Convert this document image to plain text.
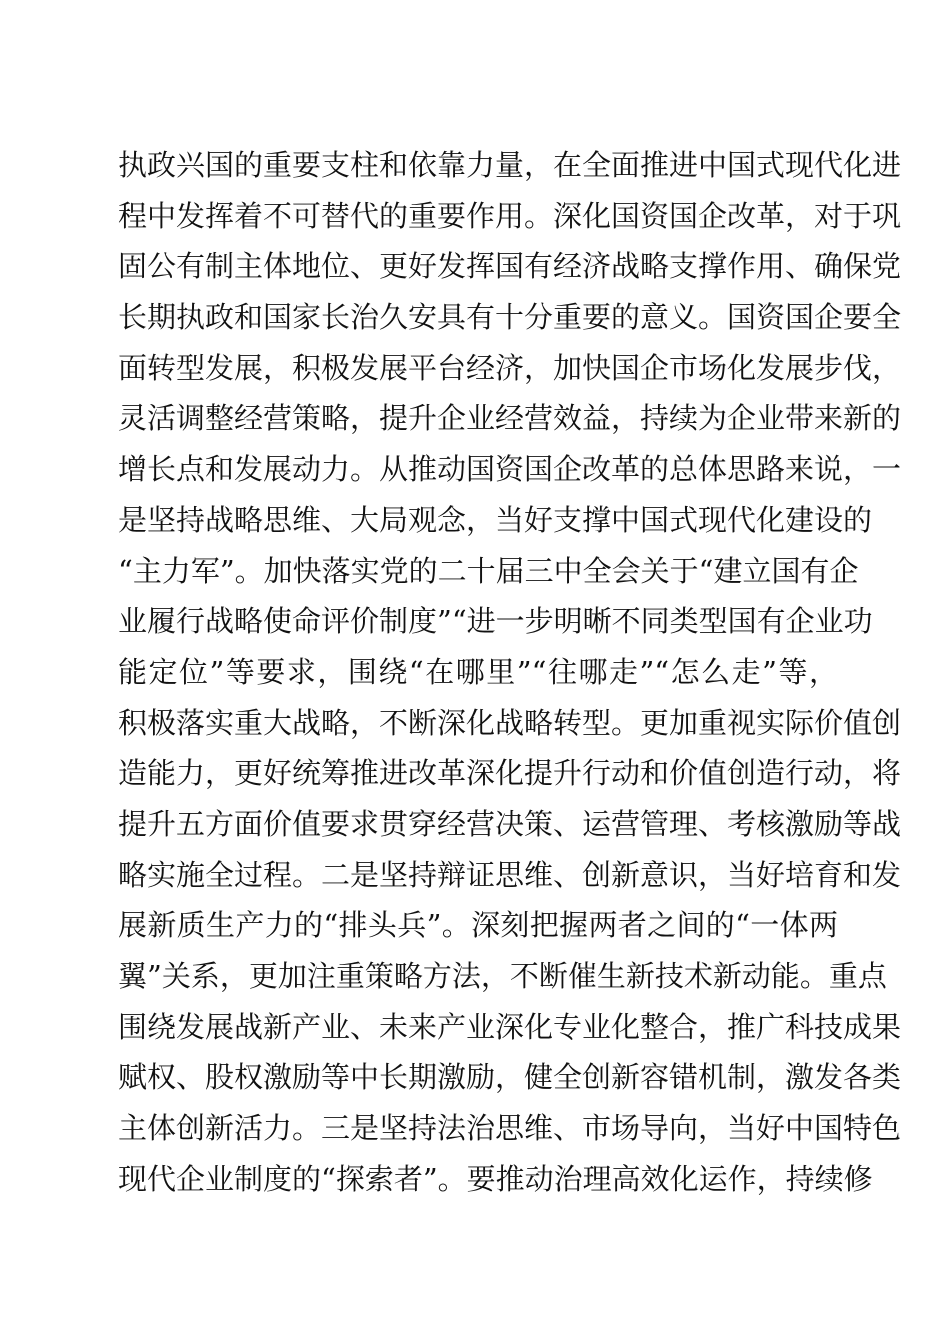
执政兴国的重要支柱和依靠力量，在全面推进中国式现代化进
程中发挥着不可替代的重要作用。深化国资国企改革，对于巩
固公有制主体地位、更好发挥国有经济战略支撑作用、确保党
长期执政和国家长治久安具有十分重要的意义。国资国企要全
面转型发展，积极发展平台经济，加快国企市场化发展步伐，
灵活调整经营策略，提升企业经营效益，持续为企业带来新的
增长点和发展动力。从推动国资国企改革的总体思路来说，一
是坚持战略思维、大局观念，当好支撑中国式现代化建设的
“主力军”。加快落实党的二十届三中全会关于“建立国有企
业履行战略使命评价制度”“进一步明晰不同类型国有企业功
能定位”等要求，围绕“在哪里”“往哪走”“怎么走”等，
积极落实重大战略，不断深化战略转型。更加重视实际价值创
造能力，更好统筹推进改革深化提升行动和价值创造行动，将
提升五方面价值要求贯穿经营决策、运营管理、考核激励等战
略实施全过程。二是坚持辩证思维、创新意识，当好培育和发
展新质生产力的“排头兵”。深刻把握两者之间的“一体两
翼”关系，更加注重策略方法，不断催生新技术新动能。重点
围绕发展战新产业、未来产业深化专业化整合，推广科技成果
赋权、股权激励等中长期激励，健全创新容错机制，激发各类
主体创新活力。三是坚持法治思维、市场导向，当好中国特色
现代企业制度的“探索者”。要推动治理高效化运作，持续修
